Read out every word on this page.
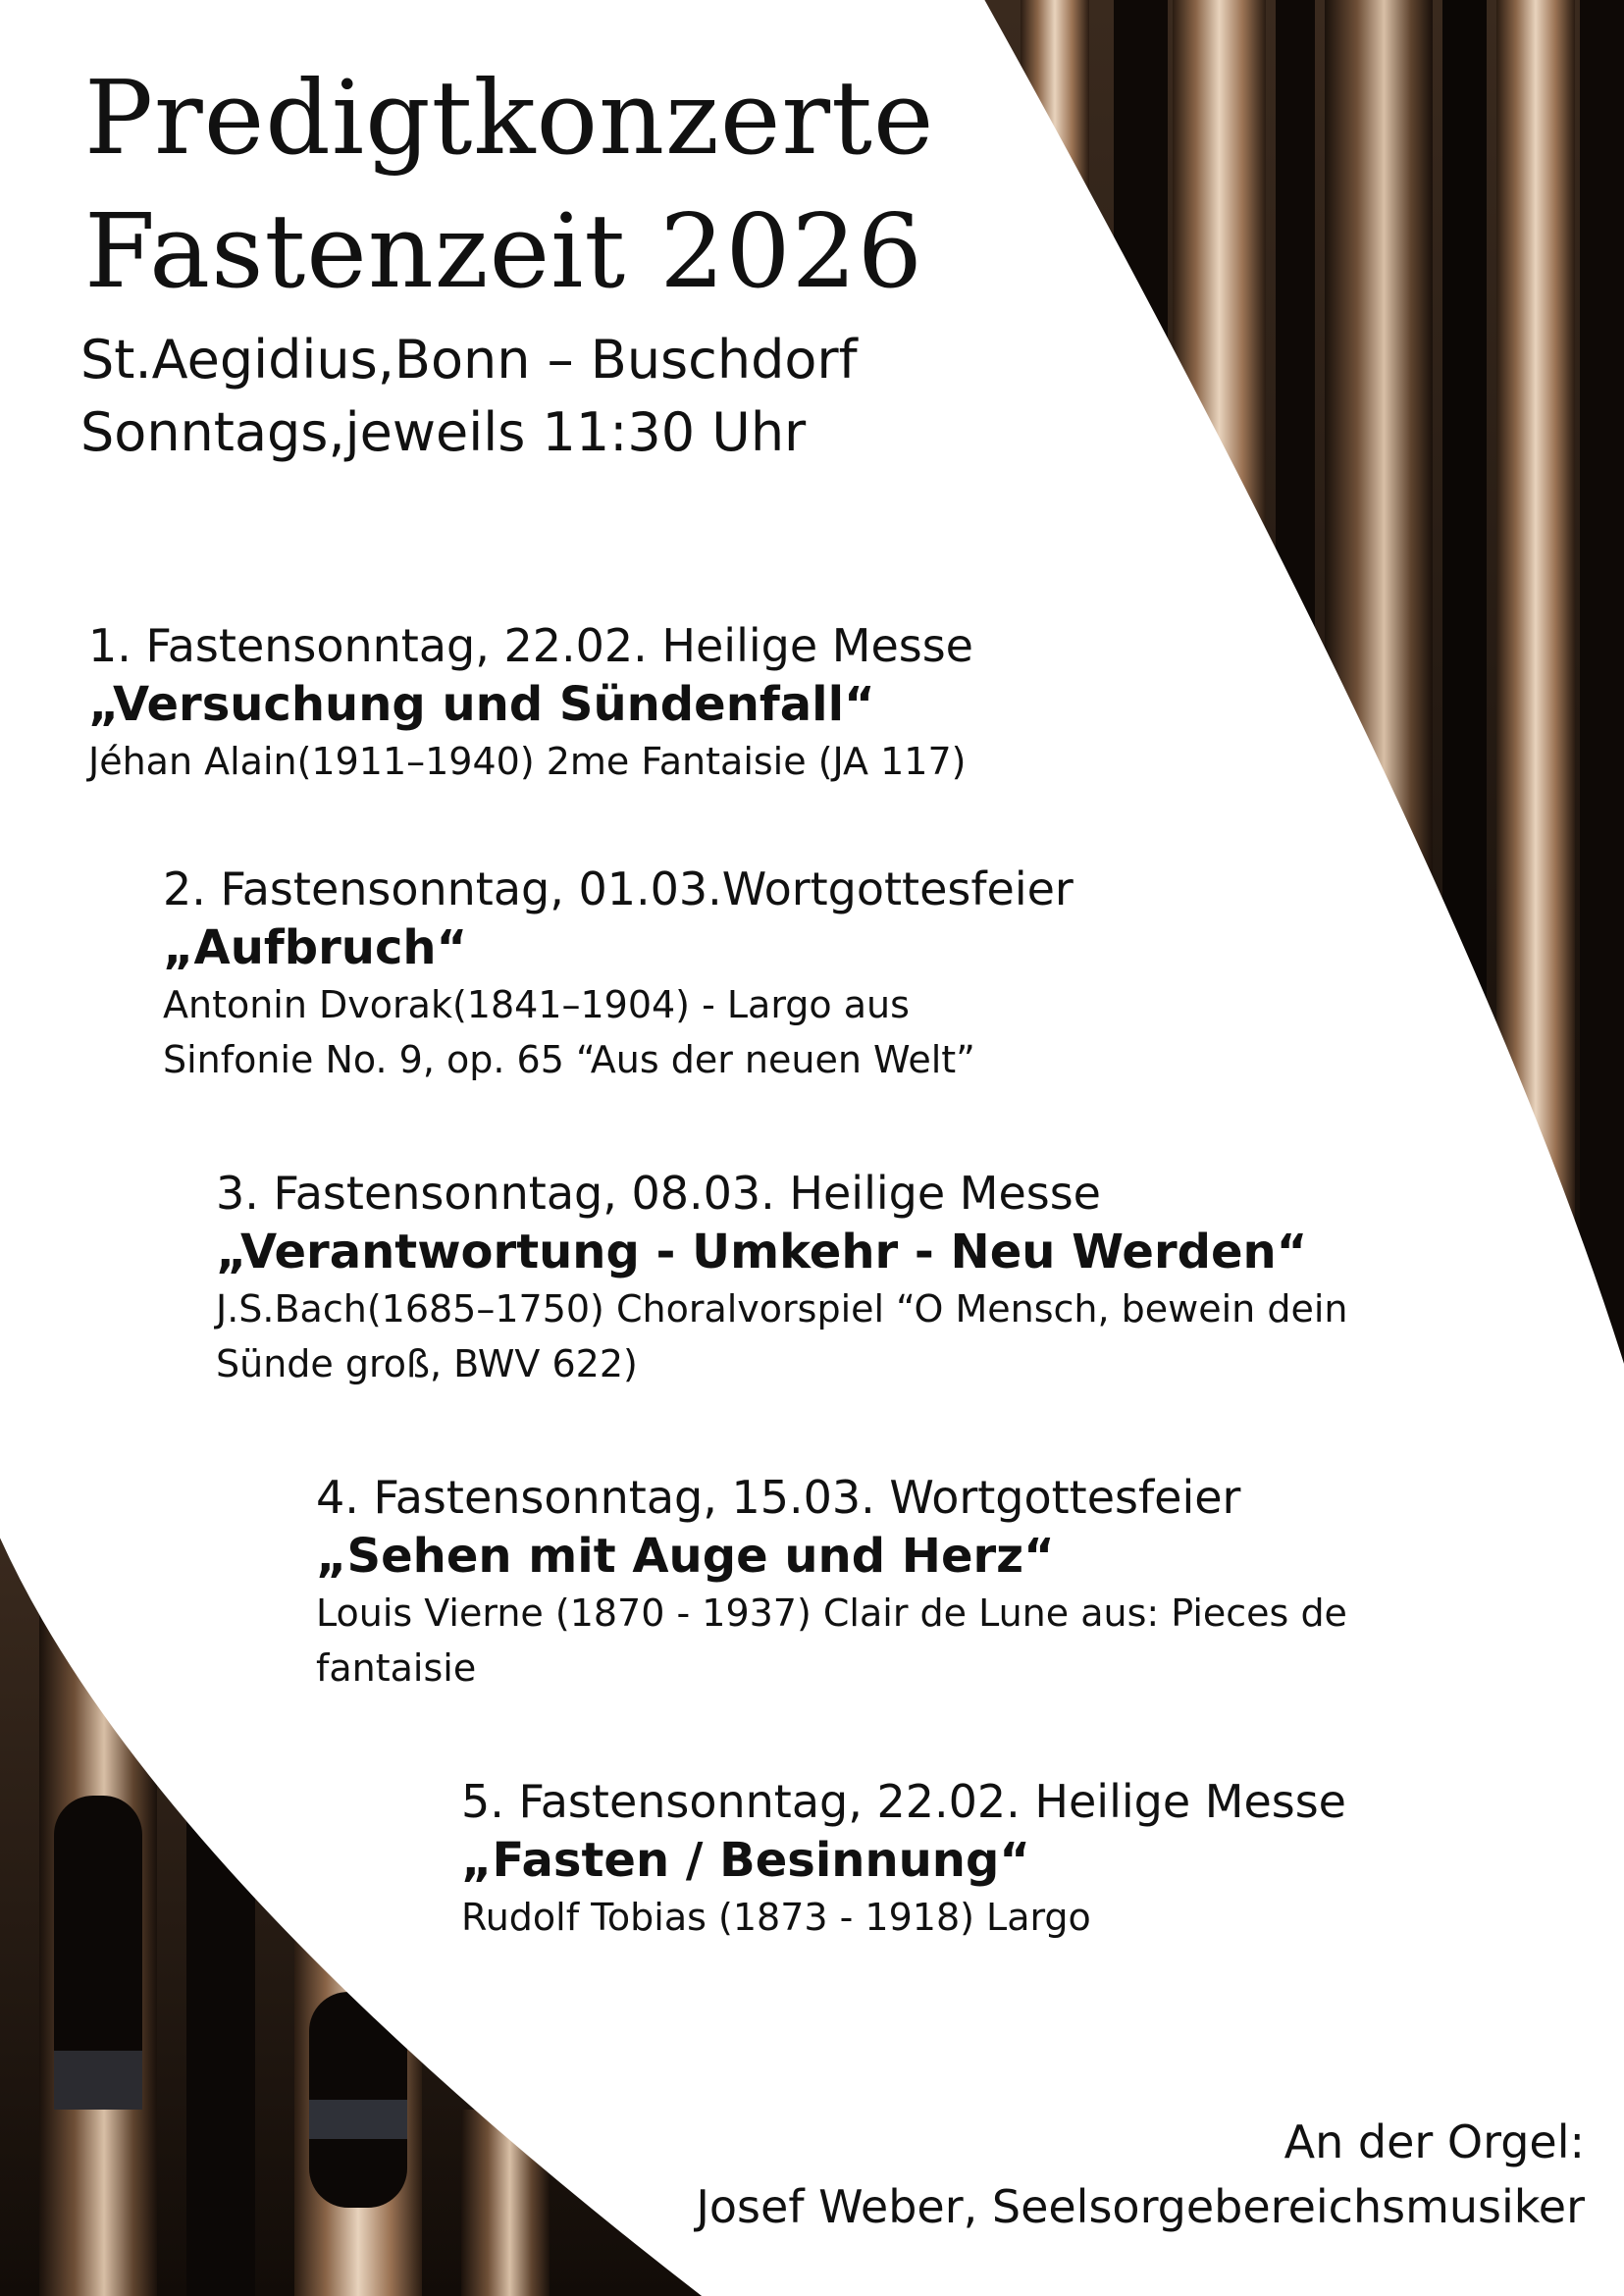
Predigtkonzerte
Fastenzeit 2026
St.Aegidius,Bonn – Buschdorf
Sonntags,jeweils 11:30 Uhr
1. Fastensonntag, 22.02. Heilige Messe
„Versuchung und Sündenfall“
Jéhan Alain(1911–1940) 2me Fantaisie (JA 117)
2. Fastensonntag, 01.03.Wortgottesfeier
„Aufbruch“
Antonin Dvorak(1841–1904) - Largo aus
Sinfonie No. 9, op. 65 “Aus der neuen Welt”
3. Fastensonntag, 08.03. Heilige Messe
„Verantwortung - Umkehr - Neu Werden“
J.S.Bach(1685–1750) Choralvorspiel “O Mensch, bewein dein
Sünde groß, BWV 622)
4. Fastensonntag, 15.03. Wortgottesfeier
„Sehen mit Auge und Herz“
Louis Vierne (1870 - 1937) Clair de Lune aus: Pieces de
fantaisie
5. Fastensonntag, 22.02. Heilige Messe
„Fasten / Besinnung“
Rudolf Tobias (1873 - 1918) Largo
An der Orgel:
Josef Weber, Seelsorgebereichsmusiker
